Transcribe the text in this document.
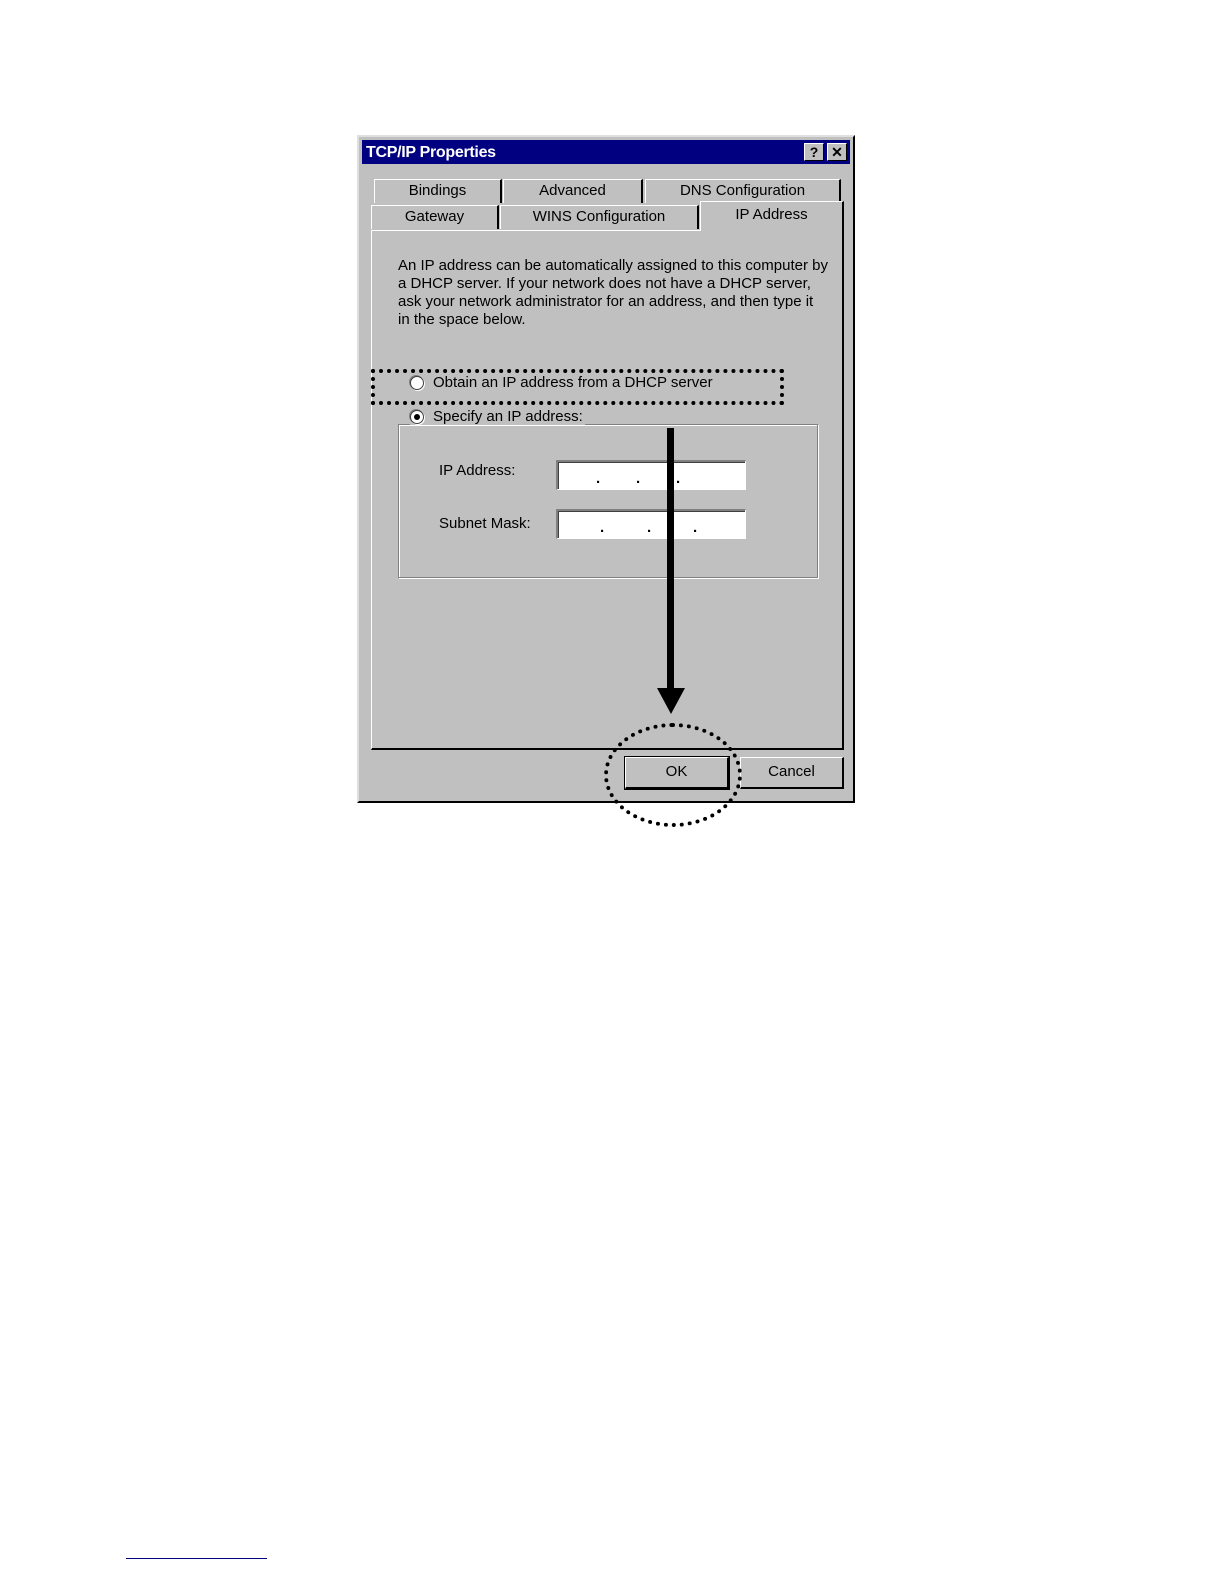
TCP/IP Properties	? ✕
Bindings	Advanced	DNS Configuration
Gateway	WINS Configuration	IP Address

An IP address can be automatically assigned to this computer by a DHCP server. If your network does not have a DHCP server, ask your network administrator for an address, and then type it in the space below.

Obtain an IP address from a DHCP server
IP Address:	. . .
Subnet Mask:	.	.	.
Specify an IP address:
OK	Cancel
